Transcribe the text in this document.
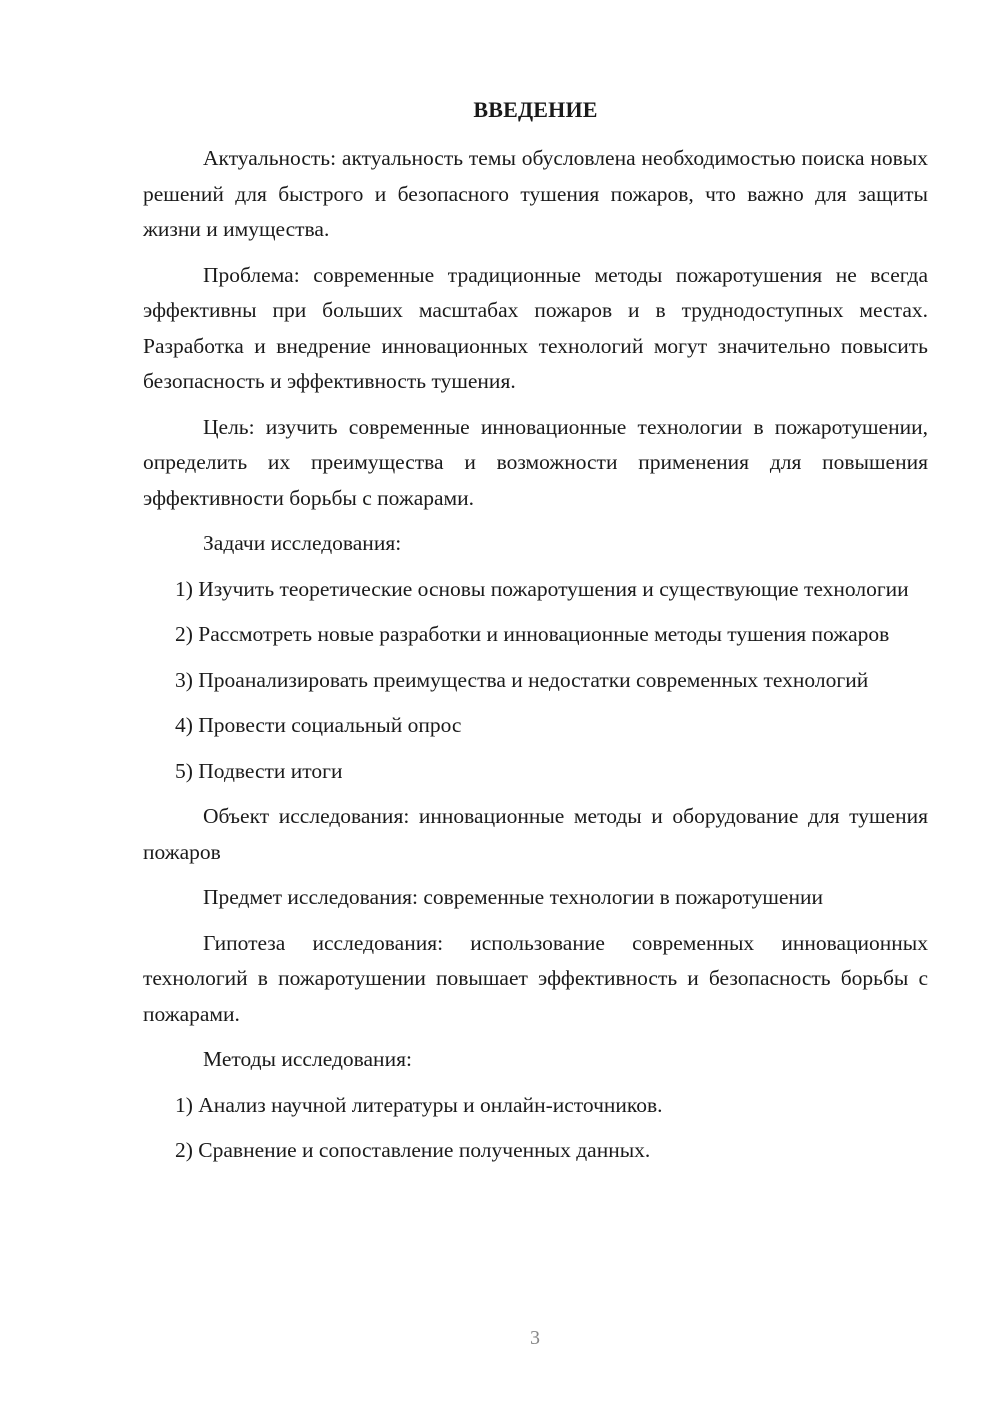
ВВЕДЕНИЕ

Актуальность: актуальность темы обусловлена необходимостью поиска новых решений для быстрого и безопасного тушения пожаров, что важно для защиты жизни и имущества.

Проблема: современные традиционные методы пожаротушения не всегда эффективны при больших масштабах пожаров и в труднодоступных местах. Разработка и внедрение инновационных технологий могут значительно повысить безопасность и эффективность тушения.

Цель: изучить современные инновационные технологии в пожаротушении, определить их преимущества и возможности применения для повышения эффективности борьбы с пожарами.

Задачи исследования:

1) Изучить теоретические основы пожаротушения и существующие технологии

2) Рассмотреть новые разработки и инновационные методы тушения пожаров

3) Проанализировать преимущества и недостатки современных технологий

4) Провести социальный опрос

5) Подвести итоги

Объект исследования: инновационные методы и оборудование для тушения пожаров

Предмет исследования: современные технологии в пожаротушении

Гипотеза исследования: использование современных инновационных технологий в пожаротушении повышает эффективность и безопасность борьбы с пожарами.

Методы исследования:

1) Анализ научной литературы и онлайн-источников.

2) Сравнение и сопоставление полученных данных.

3
